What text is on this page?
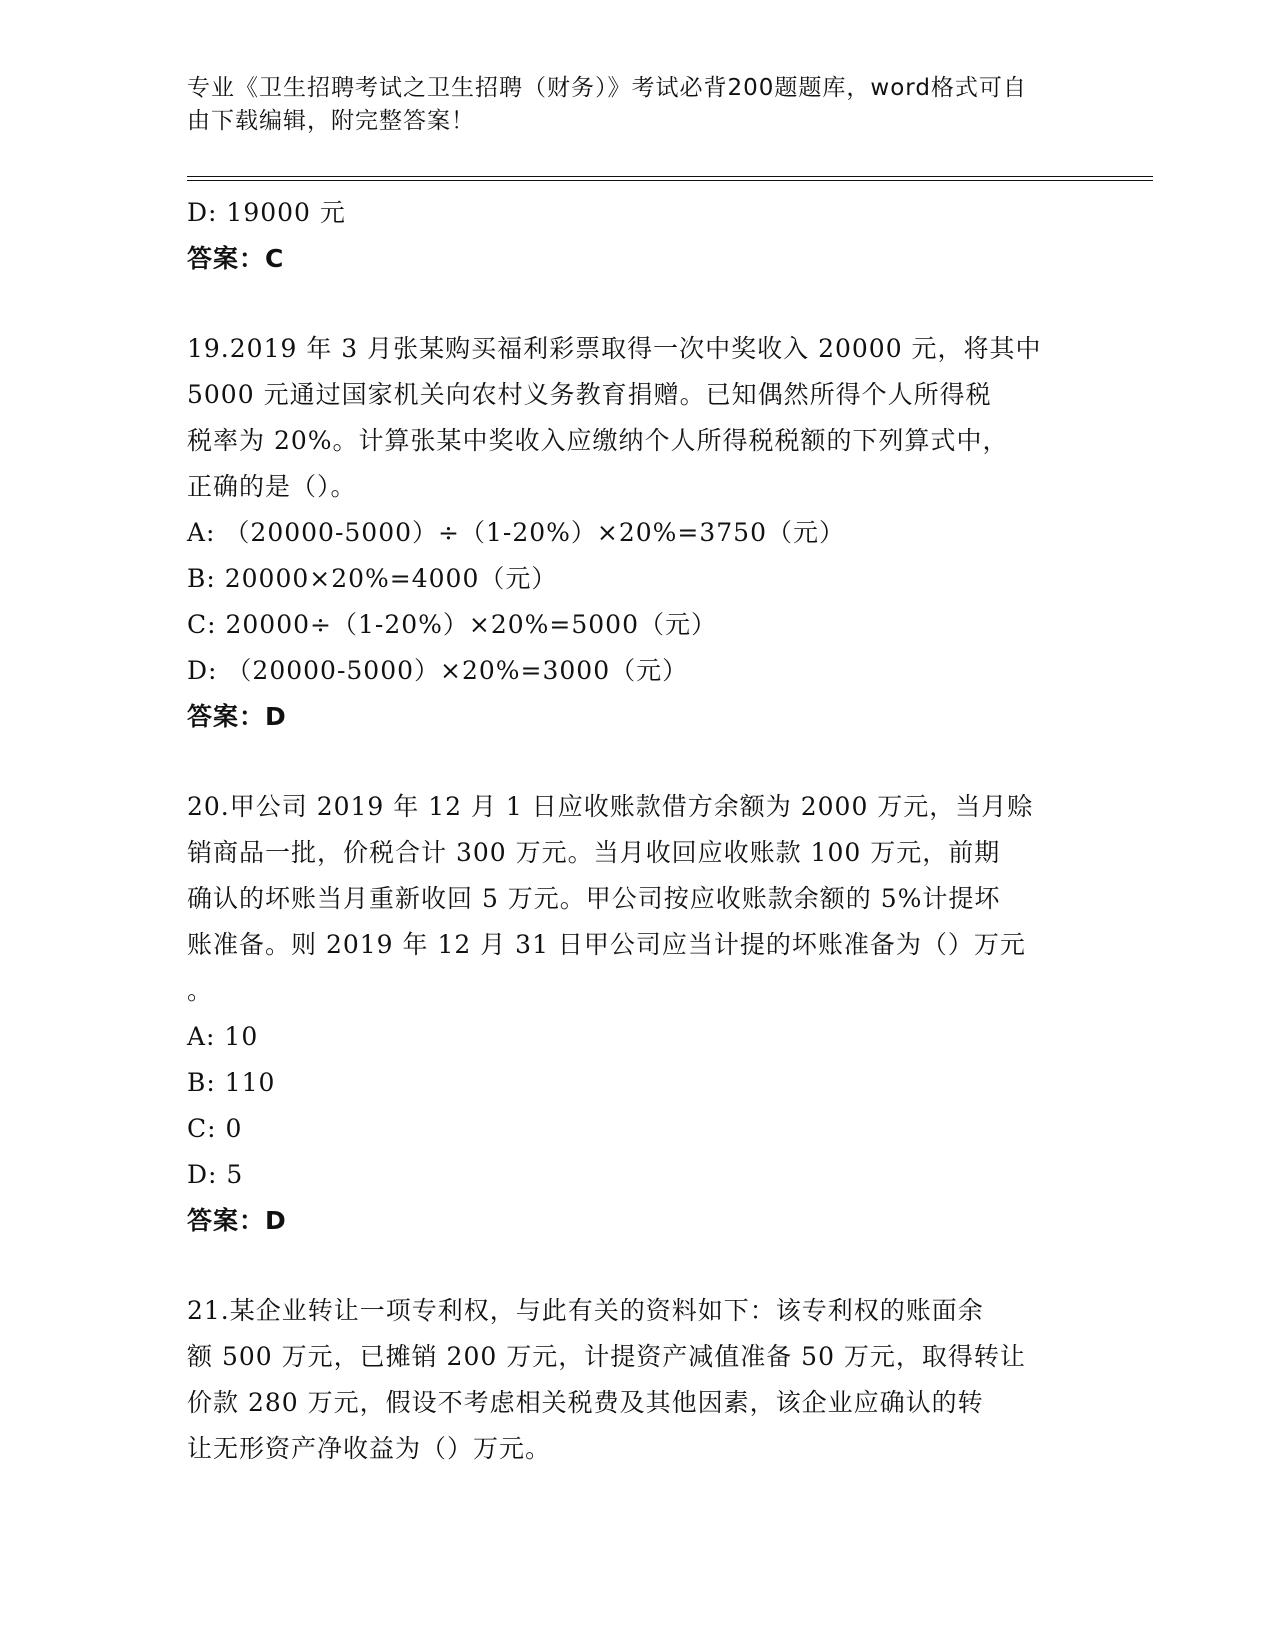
专业《卫生招聘考试之卫生招聘（财务）》考试必背200题题库，word格式可自
由下载编辑，附完整答案！
D: 19000 元
答案：C
19.2019 年 3 月张某购买福利彩票取得一次中奖收入 20000 元，将其中
5000 元通过国家机关向农村义务教育捐赠。已知偶然所得个人所得税
税率为 20%。计算张某中奖收入应缴纳个人所得税税额的下列算式中，
正确的是（）。
A: （20000-5000）÷（1-20%）×20%=3750（元）
B: 20000×20%=4000（元）
C: 20000÷（1-20%）×20%=5000（元）
D: （20000-5000）×20%=3000（元）
答案：D
20.甲公司 2019 年 12 月 1 日应收账款借方余额为 2000 万元，当月赊
销商品一批，价税合计 300 万元。当月收回应收账款 100 万元，前期
确认的坏账当月重新收回 5 万元。甲公司按应收账款余额的 5%计提坏
账准备。则 2019 年 12 月 31 日甲公司应当计提的坏账准备为（）万元
。
A: 10
B: 110
C: 0
D: 5
答案：D
21.某企业转让一项专利权，与此有关的资料如下：该专利权的账面余
额 500 万元，已摊销 200 万元，计提资产减值准备 50 万元，取得转让
价款 280 万元，假设不考虑相关税费及其他因素，该企业应确认的转
让无形资产净收益为（）万元。
